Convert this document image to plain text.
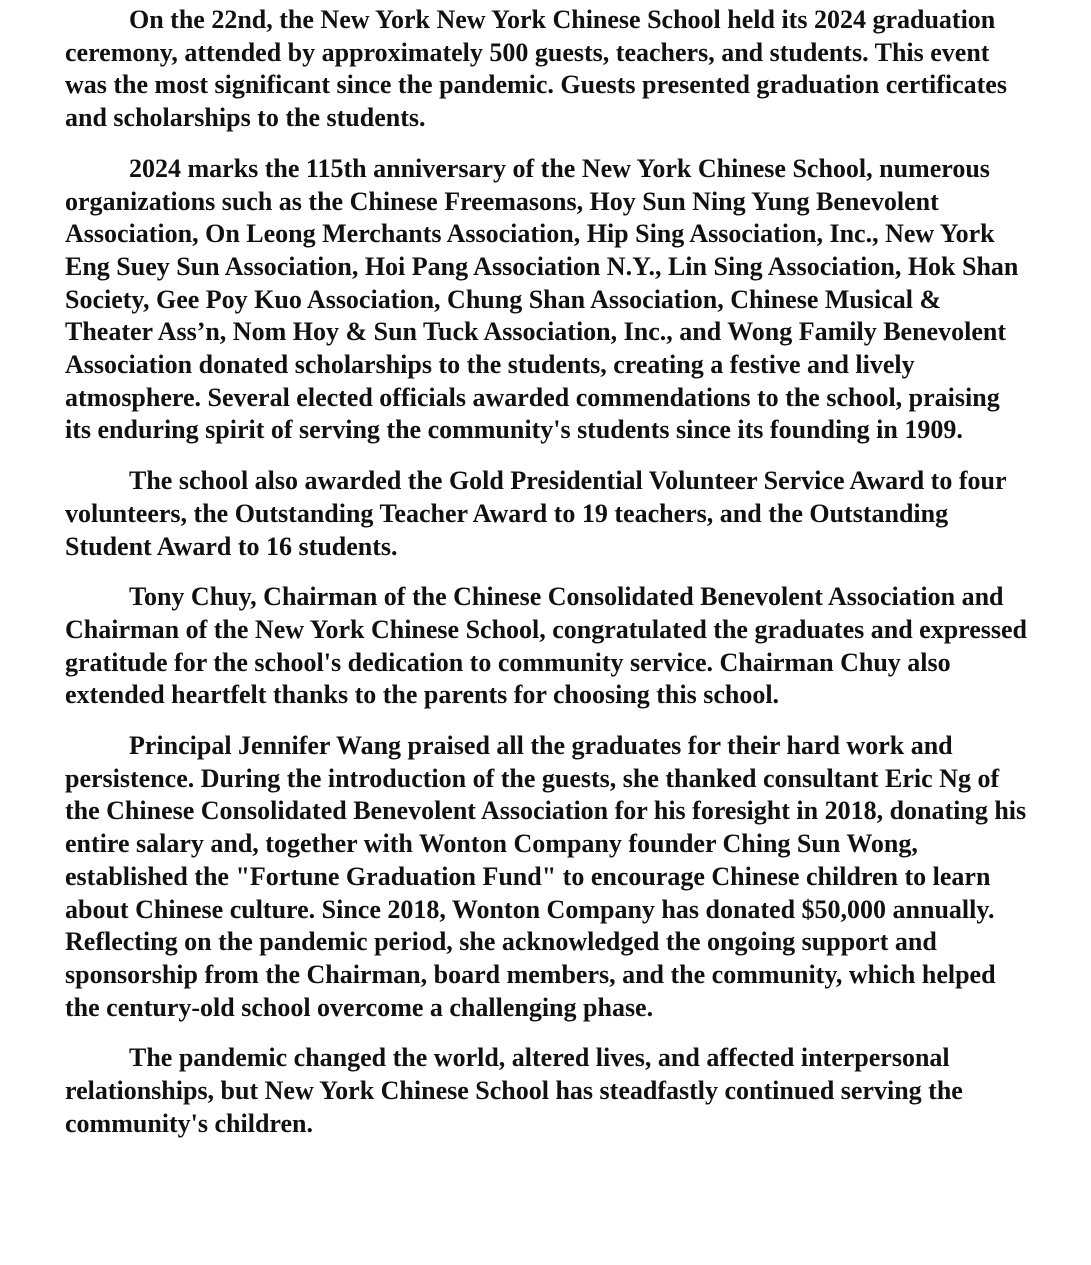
On the 22nd, the New York New York Chinese School held its 2024 graduation ceremony, attended by approximately 500 guests, teachers, and students. This event was the most significant since the pandemic. Guests presented graduation certificates and scholarships to the students.

2024 marks the 115th anniversary of the New York Chinese School, numerous organizations such as the Chinese Freemasons, Hoy Sun Ning Yung Benevolent Association, On Leong Merchants Association, Hip Sing Association, Inc., New York Eng Suey Sun Association, Hoi Pang Association N.Y., Lin Sing Association, Hok Shan Society, Gee Poy Kuo Association, Chung Shan Association, Chinese Musical & Theater Ass’n, Nom Hoy & Sun Tuck Association, Inc., and Wong Family Benevolent Association donated scholarships to the students, creating a festive and lively atmosphere. Several elected officials awarded commendations to the school, praising its enduring spirit of serving the community's students since its founding in 1909.

The school also awarded the Gold Presidential Volunteer Service Award to four volunteers, the Outstanding Teacher Award to 19 teachers, and the Outstanding Student Award to 16 students.

Tony Chuy, Chairman of the Chinese Consolidated Benevolent Association and Chairman of the New York Chinese School, congratulated the graduates and expressed gratitude for the school's dedication to community service. Chairman Chuy also extended heartfelt thanks to the parents for choosing this school.

Principal Jennifer Wang praised all the graduates for their hard work and persistence. During the introduction of the guests, she thanked consultant Eric Ng of the Chinese Consolidated Benevolent Association for his foresight in 2018, donating his entire salary and, together with Wonton Company founder Ching Sun Wong, established the "Fortune Graduation Fund" to encourage Chinese children to learn about Chinese culture. Since 2018, Wonton Company has donated $50,000 annually. Reflecting on the pandemic period, she acknowledged the ongoing support and sponsorship from the Chairman, board members, and the community, which helped the century-old school overcome a challenging phase.

The pandemic changed the world, altered lives, and affected interpersonal relationships, but New York Chinese School has steadfastly continued serving the community's children.
